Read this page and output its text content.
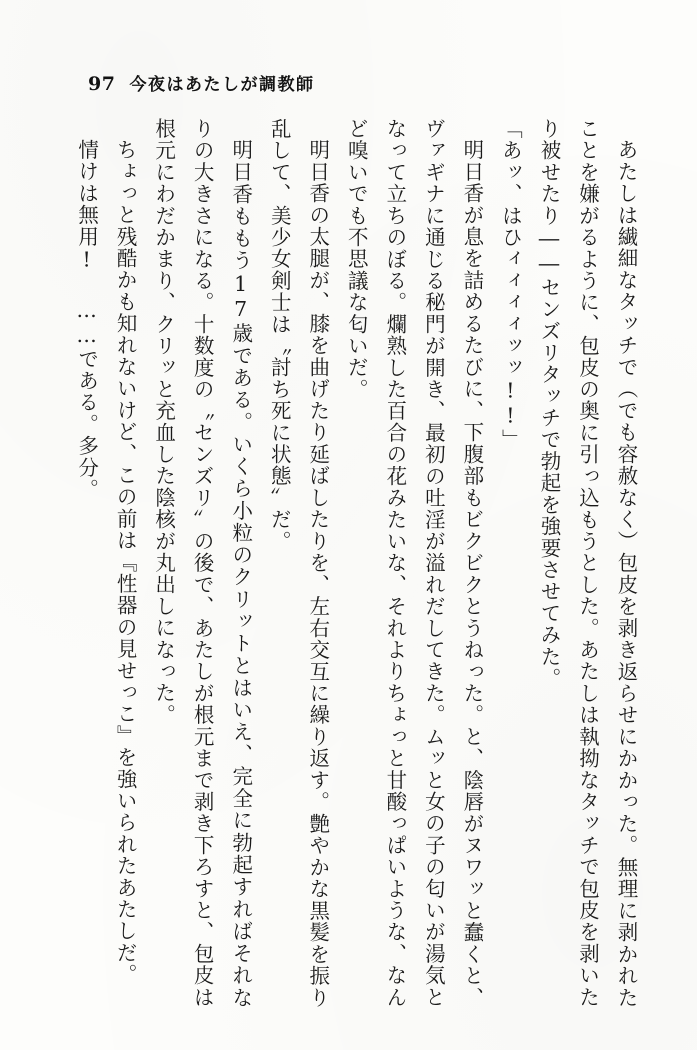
97 今夜はあたしが調教師

あたしは繊細なタッチで（でも容赦なく）包皮を剥き返らせにかかった。無理に剥かれたことを嫌がるように、包皮の奥に引っ込もうとした。あたしは執拗なタッチで包皮を剥いたり被せたり――センズリタッチで勃起を強要させてみた。

「あッ、はひィィィィッッ!!」

明日香が息を詰めるたびに、下腹部もビクビクとうねった。と、陰唇がヌワッと蠢くと、ヴァギナに通じる秘門が開き、最初の吐淫が溢れだしてきた。ムッと女の子の匂いが湯気となって立ちのぼる。爛熟した百合の花みたいな、それよりちょっと甘酸っぱいような、なんど嗅いでも不思議な匂いだ。

明日香の太腿が、膝を曲げたり延ばしたりを、左右交互に繰り返す。艶やかな黒髪を振り乱して、美少女剣士は〝討ち死に状態〟だ。

明日香ももう17歳である。いくら小粒のクリットとはいえ、完全に勃起すればそれなりの大きさになる。十数度の〝センズリ〟の後で、あたしが根元まで剥き下ろすと、包皮は根元にわだかまり、クリッと充血した陰核が丸出しになった。

ちょっと残酷かも知れないけど、この前は『性器の見せっこ』を強いられたあたしだ。

情けは無用! ……である。多分。
